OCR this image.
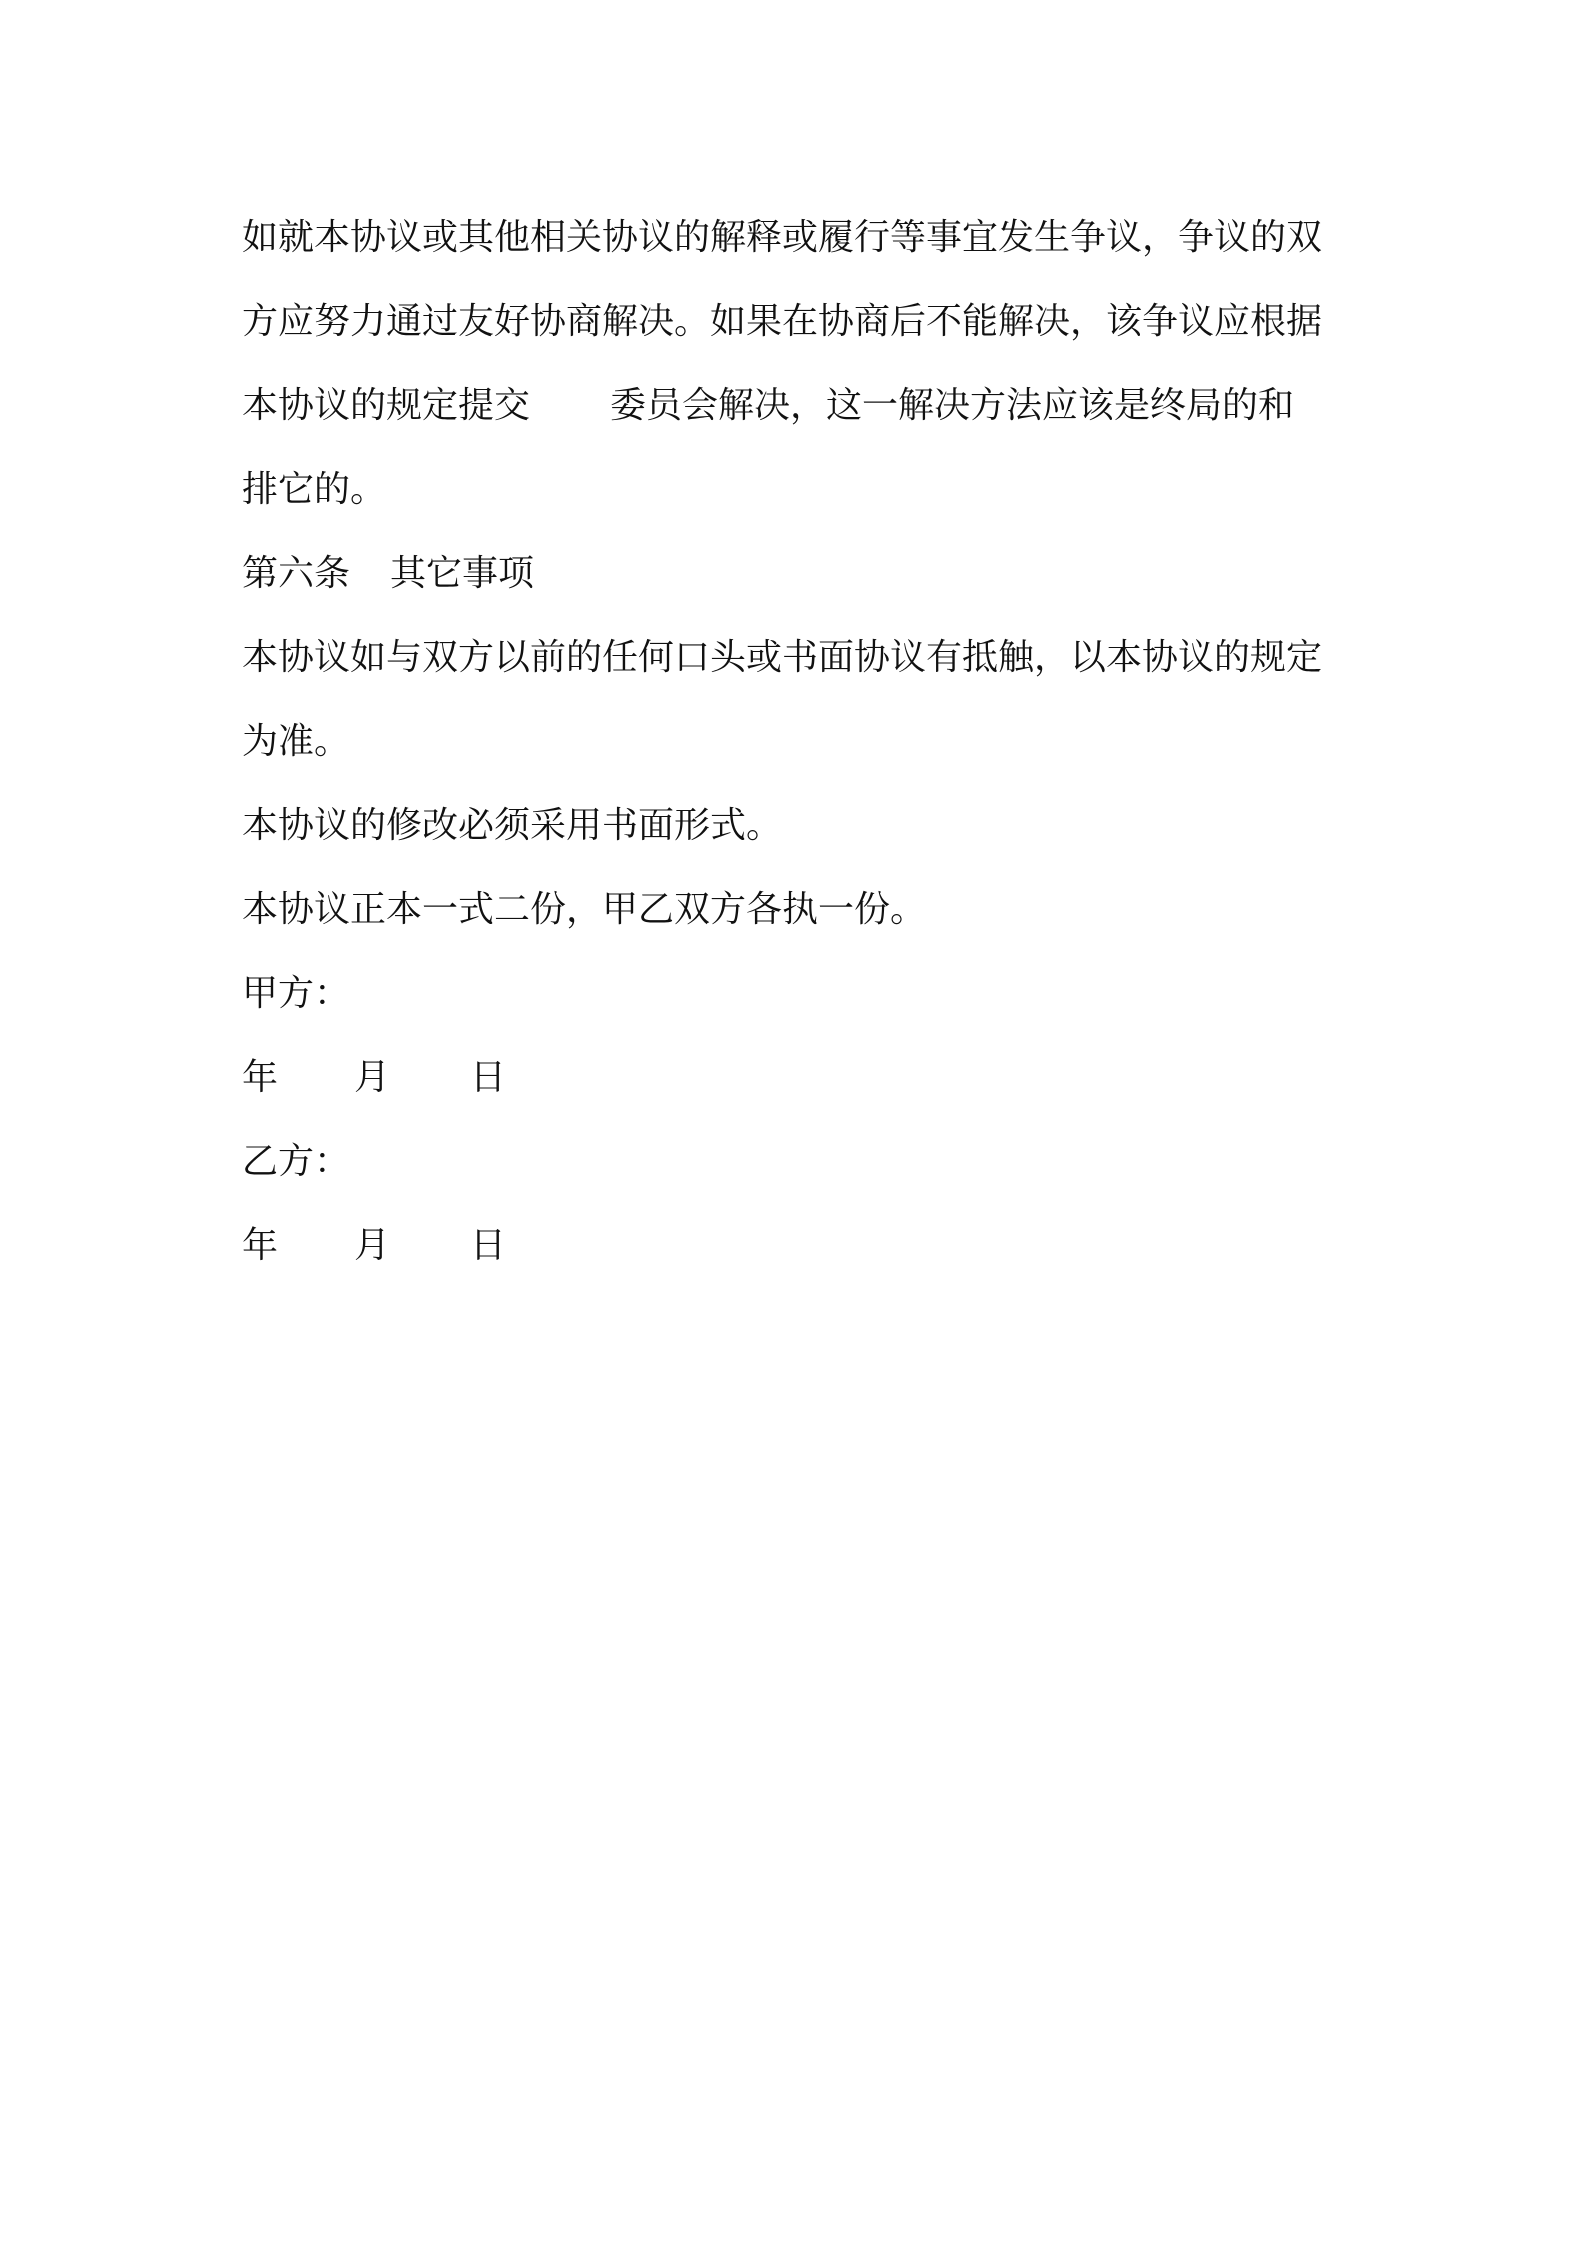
如就本协议或其他相关协议的解释或履行等事宜发生争议，争议的双
方应努力通过友好协商解决。如果在协商后不能解决，该争议应根据
本协议的规定提交 委员会解决，这一解决方法应该是终局的和
排它的。
第六条 其它事项
本协议如与双方以前的任何口头或书面协议有抵触，以本协议的规定
为准。
本协议的修改必须采用书面形式。
本协议正本一式二份，甲乙双方各执一份。
甲方：
年 月 日
乙方：
年 月 日
